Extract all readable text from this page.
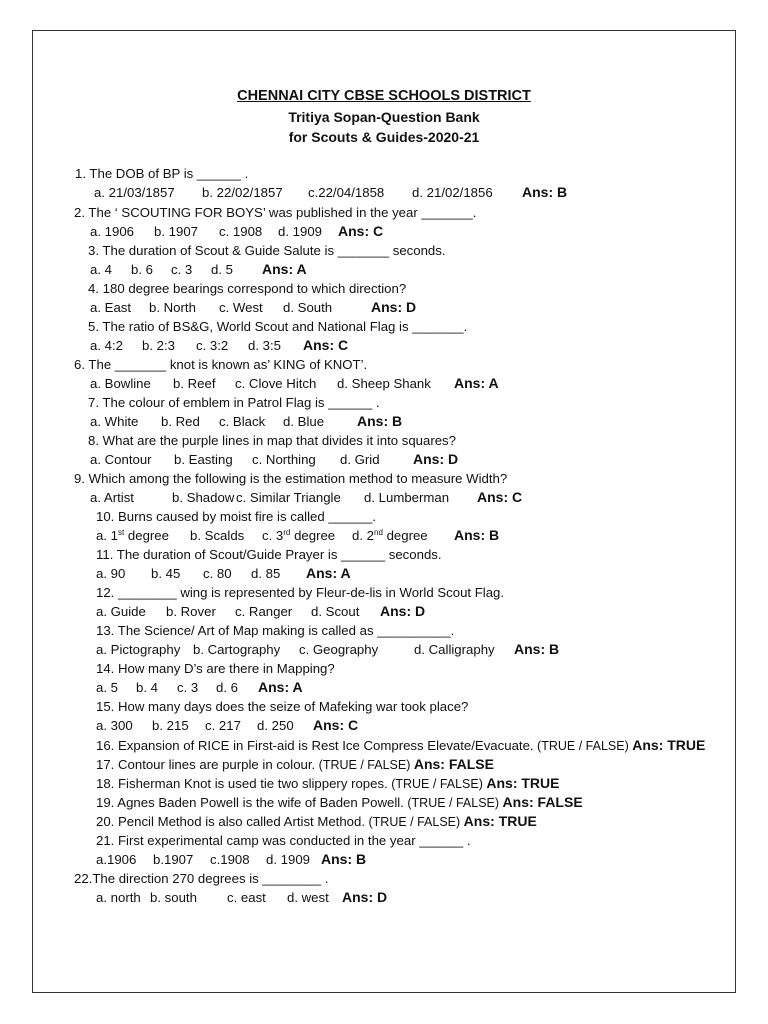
CHENNAI CITY CBSE SCHOOLS DISTRICT
Tritiya Sopan-Question Bank
for Scouts & Guides-2020-21
1. The DOB of BP is ______ .
a. 21/03/1857 b. 22/02/1857 c.22/04/1858 d. 21/02/1856 Ans: B
2. The ‘ SCOUTING FOR BOYS’ was published in the year _______.
a. 1906 b. 1907 c. 1908 d. 1909 Ans: C
3. The duration of Scout & Guide Salute is _______ seconds.
a. 4 b. 6 c. 3 d. 5 Ans: A
4. 180 degree bearings correspond to which direction?
a. East b. North c. West d. South	Ans: D
5. The ratio of BS&G, World Scout and National Flag is _______.
a. 4:2 b. 2:3 c. 3:2 d. 3:5 Ans: C
6. The _______ knot is known as’ KING of KNOT’.
a. Bowline b. Reef c. Clove Hitch d. Sheep Shank Ans: A
7. The colour of emblem in Patrol Flag is ______ .
a. White b. Red c. Black d. Blue Ans: B
8. What are the purple lines in map that divides it into squares?
a. Contour b. Easting c. Northing d. Grid Ans: D
9. Which among the following is the estimation method to measure Width?
a. Artist	b. Shadow c. Similar Triangle d. Lumberman Ans: C
10. Burns caused by moist fire is called ______.
a. 1st degree b. Scalds c. 3rd degree d. 2nd degree Ans: B
11. The duration of Scout/Guide Prayer is ______ seconds.
a. 90 b. 45 c. 80 d. 85 Ans: A
12. ________ wing is represented by Fleur-de-lis in World Scout Flag.
a. Guide b. Rover c. Ranger d. Scout Ans: D
13. The Science/ Art of Map making is called as __________.
a. Pictography b. Cartography c. Geography	d. Calligraphy Ans: B
14. How many D’s are there in Mapping?
a. 5 b. 4 c. 3 d. 6 Ans: A
15. How many days does the seize of Mafeking war took place?
a. 300 b. 215 c. 217 d. 250 Ans: C
16. Expansion of RICE in First-aid is Rest Ice Compress Elevate/Evacuate. (TRUE / FALSE) Ans: TRUE
17. Contour lines are purple in colour. (TRUE / FALSE) Ans: FALSE
18. Fisherman Knot is used tie two slippery ropes. (TRUE / FALSE) Ans: TRUE
19. Agnes Baden Powell is the wife of Baden Powell. (TRUE / FALSE) Ans: FALSE
20. Pencil Method is also called Artist Method. (TRUE / FALSE) Ans: TRUE
21. First experimental camp was conducted in the year ______ .
a.1906 b.1907 c.1908 d. 1909 Ans: B
22.The direction 270 degrees is ________ .
a. north b. south c. east d. west Ans: D
